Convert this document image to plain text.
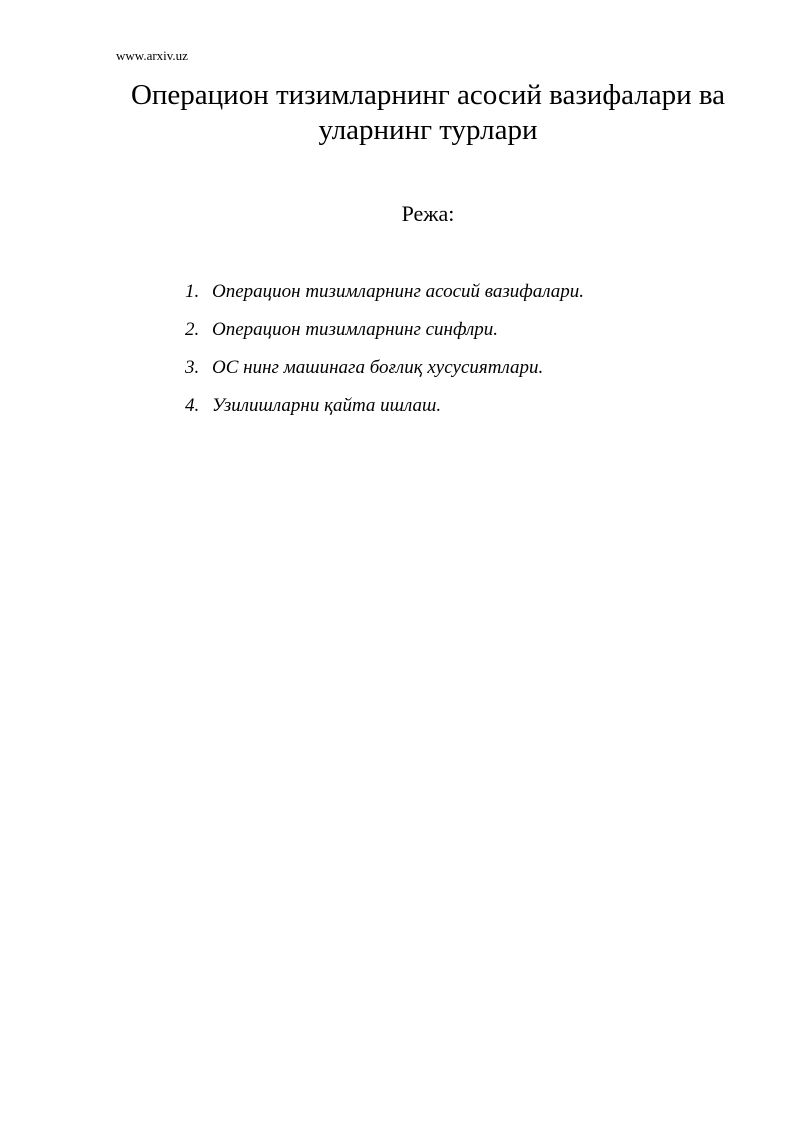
www.arxiv.uz
Операцион тизимларнинг асосий вазифалари ва
уларнинг турлари
Режа:
1. Операцион тизимларнинг асосий вазифалари.
2. Операцион тизимларнинг синфлри.
3. ОС нинг машинага боғлиқ хусусиятлари.
4. Узилишларни қайта ишлаш.
